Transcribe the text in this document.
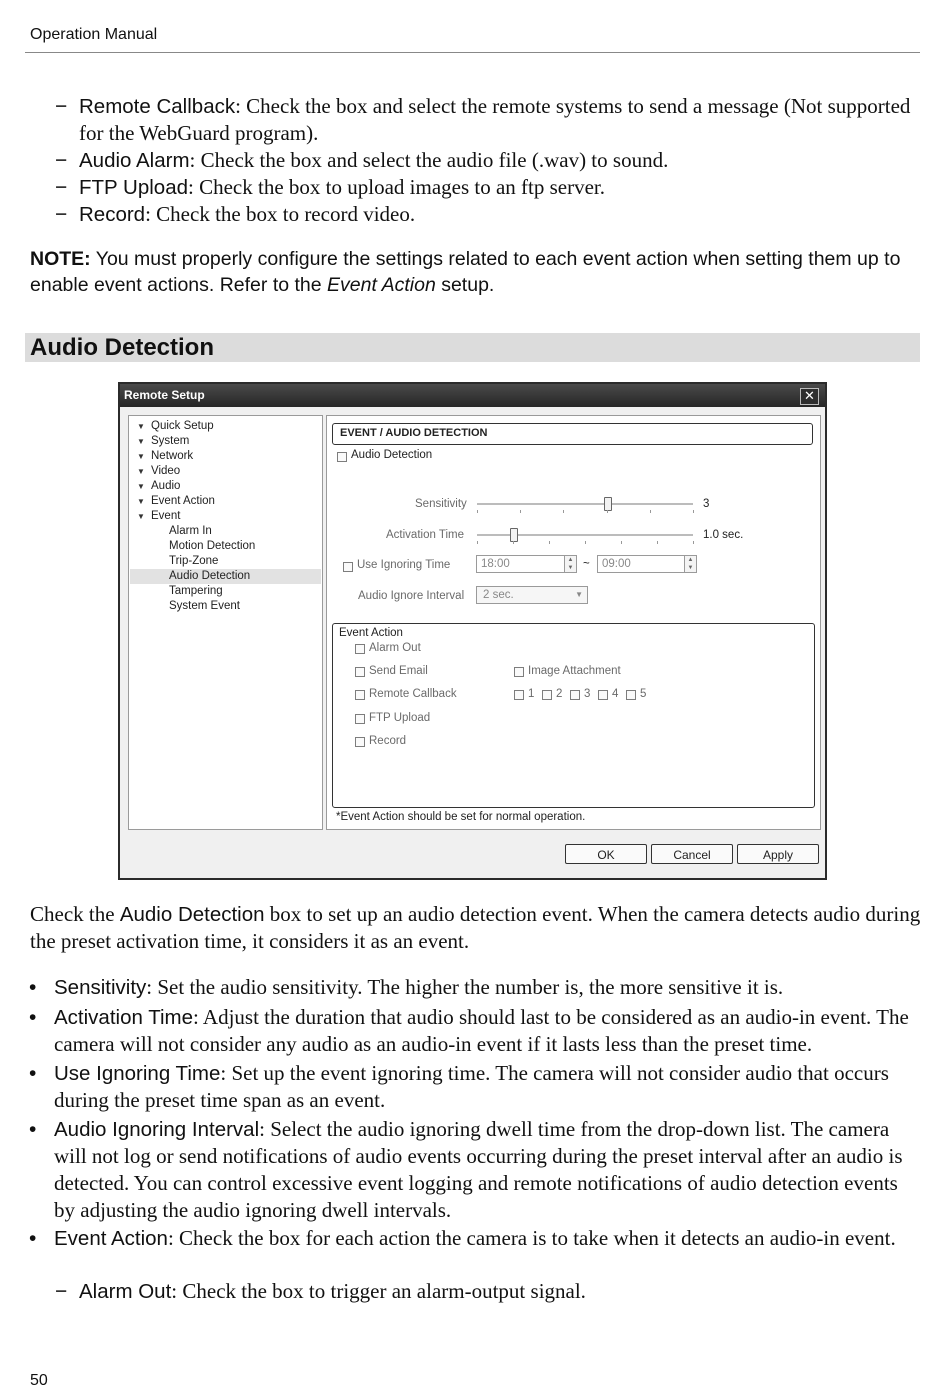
Operation Manual
− Remote Callback: Check the box and select the remote systems to send a message (Not supported for the WebGuard program).
− Audio Alarm: Check the box and select the audio file (.wav) to sound.
− FTP Upload: Check the box to upload images to an ftp server.
− Record: Check the box to record video.
NOTE: You must properly configure the settings related to each event action when setting them up to enable event actions. Refer to the Event Action setup.
Audio Detection
Remote Setup	✕
▼ Quick Setup
▼ System
▼ Network
▼ Video
▼ Audio
▼ Event Action
▼ Event
Alarm In
Motion Detection
Trip-Zone
Audio Detection
Tampering
System Event
EVENT / AUDIO DETECTION
Audio Detection
Sensitivity	3
Activation Time	1.0 sec.
Use Ignoring Time	18:00	▲
▼ ~	09:00	▲
▼
Audio Ignore Interval	2 sec.	▼
Event Action
Alarm Out
Send Email	Image Attachment
Remote Callback	1 2 3 4 5
FTP Upload
Record
*Event Action should be set for normal operation.
OK	Cancel	Apply
Check the Audio Detection box to set up an audio detection event. When the camera detects audio during the preset activation time, it considers it as an event.
• Sensitivity: Set the audio sensitivity. The higher the number is, the more sensitive it is.
• Activation Time: Adjust the duration that audio should last to be considered as an audio-in event. The camera will not consider any audio as an audio-in event if it lasts less than the preset time.
• Use Ignoring Time: Set up the event ignoring time. The camera will not consider audio that occurs during the preset time span as an event.
• Audio Ignoring Interval: Select the audio ignoring dwell time from the drop-down list. The camera will not log or send notifications of audio events occurring during the preset interval after an audio is detected. You can control excessive event logging and remote notifications of audio detection events by adjusting the audio ignoring dwell intervals.
• Event Action: Check the box for each action the camera is to take when it detects an audio-in event.
− Alarm Out: Check the box to trigger an alarm-output signal.
50
